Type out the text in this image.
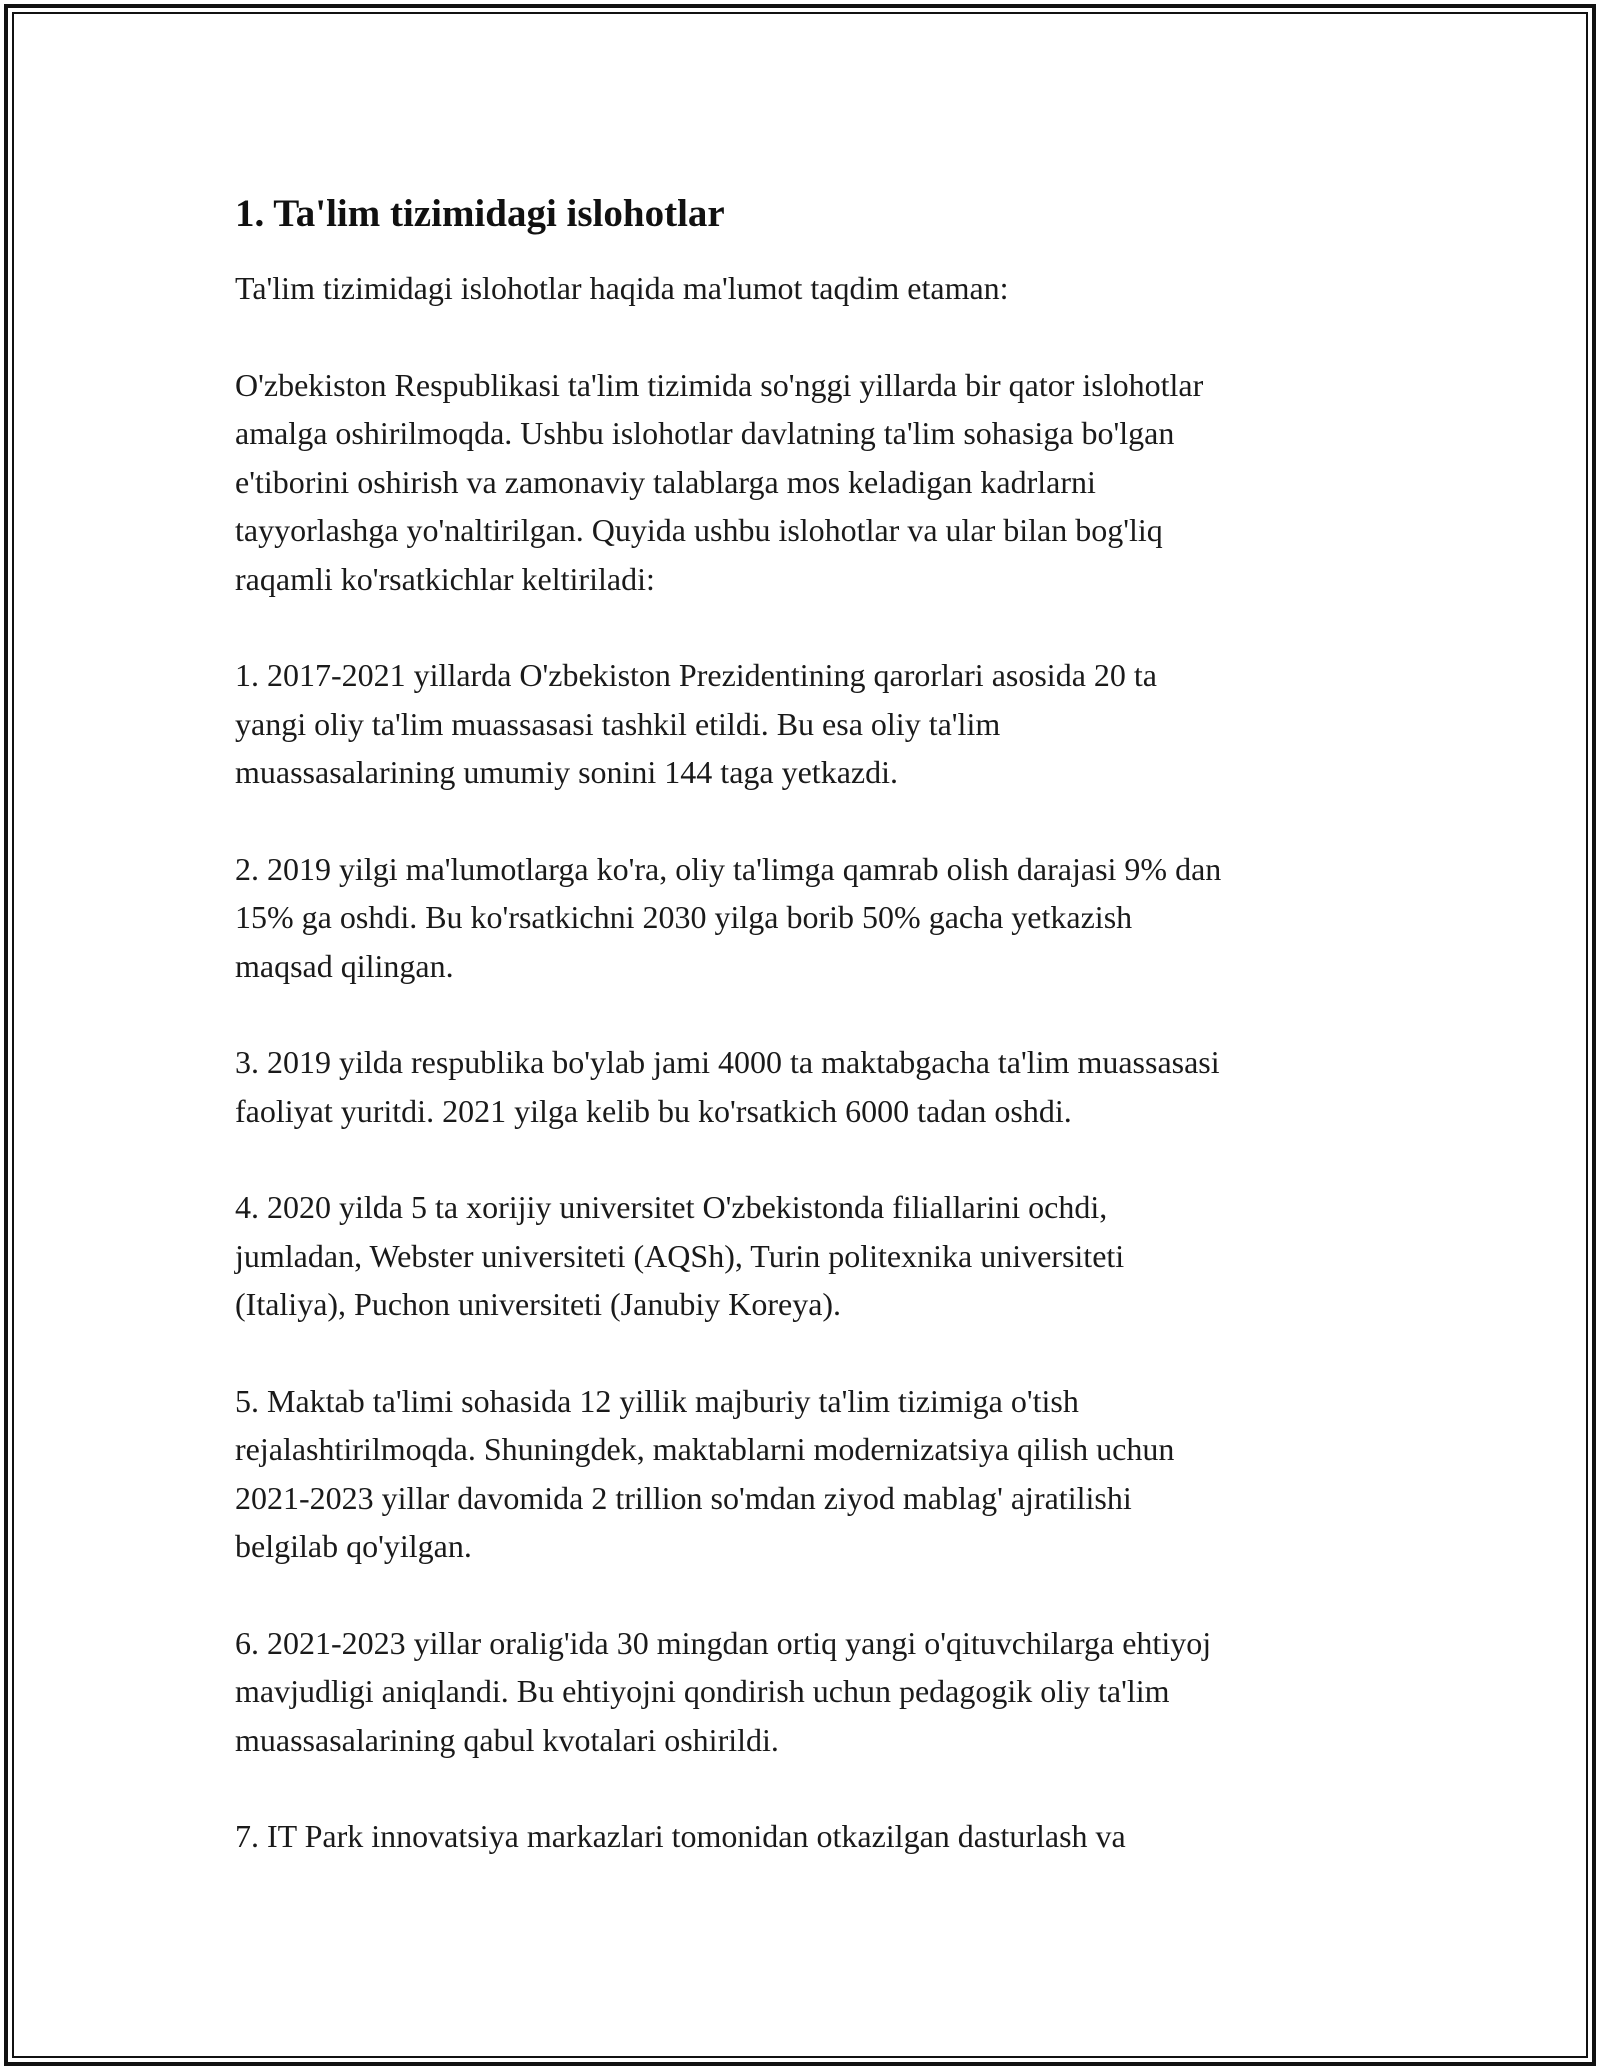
1. Ta'lim tizimidagi islohotlar

Ta'lim tizimidagi islohotlar haqida ma'lumot taqdim etaman:

O'zbekiston Respublikasi ta'lim tizimida so'nggi yillarda bir qator islohotlar
amalga oshirilmoqda. Ushbu islohotlar davlatning ta'lim sohasiga bo'lgan
e'tiborini oshirish va zamonaviy talablarga mos keladigan kadrlarni
tayyorlashga yo'naltirilgan. Quyida ushbu islohotlar va ular bilan bog'liq
raqamli ko'rsatkichlar keltiriladi:

1. 2017-2021 yillarda O'zbekiston Prezidentining qarorlari asosida 20 ta
yangi oliy ta'lim muassasasi tashkil etildi. Bu esa oliy ta'lim
muassasalarining umumiy sonini 144 taga yetkazdi.

2. 2019 yilgi ma'lumotlarga ko'ra, oliy ta'limga qamrab olish darajasi 9% dan
15% ga oshdi. Bu ko'rsatkichni 2030 yilga borib 50% gacha yetkazish
maqsad qilingan.

3. 2019 yilda respublika bo'ylab jami 4000 ta maktabgacha ta'lim muassasasi
faoliyat yuritdi. 2021 yilga kelib bu ko'rsatkich 6000 tadan oshdi.

4. 2020 yilda 5 ta xorijiy universitet O'zbekistonda filiallarini ochdi,
jumladan, Webster universiteti (AQSh), Turin politexnika universiteti
(Italiya), Puchon universiteti (Janubiy Koreya).

5. Maktab ta'limi sohasida 12 yillik majburiy ta'lim tizimiga o'tish
rejalashtirilmoqda. Shuningdek, maktablarni modernizatsiya qilish uchun
2021-2023 yillar davomida 2 trillion so'mdan ziyod mablag' ajratilishi
belgilab qo'yilgan.

6. 2021-2023 yillar oralig'ida 30 mingdan ortiq yangi o'qituvchilarga ehtiyoj
mavjudligi aniqlandi. Bu ehtiyojni qondirish uchun pedagogik oliy ta'lim
muassasalarining qabul kvotalari oshirildi.

7. IT Park innovatsiya markazlari tomonidan otkazilgan dasturlash va
